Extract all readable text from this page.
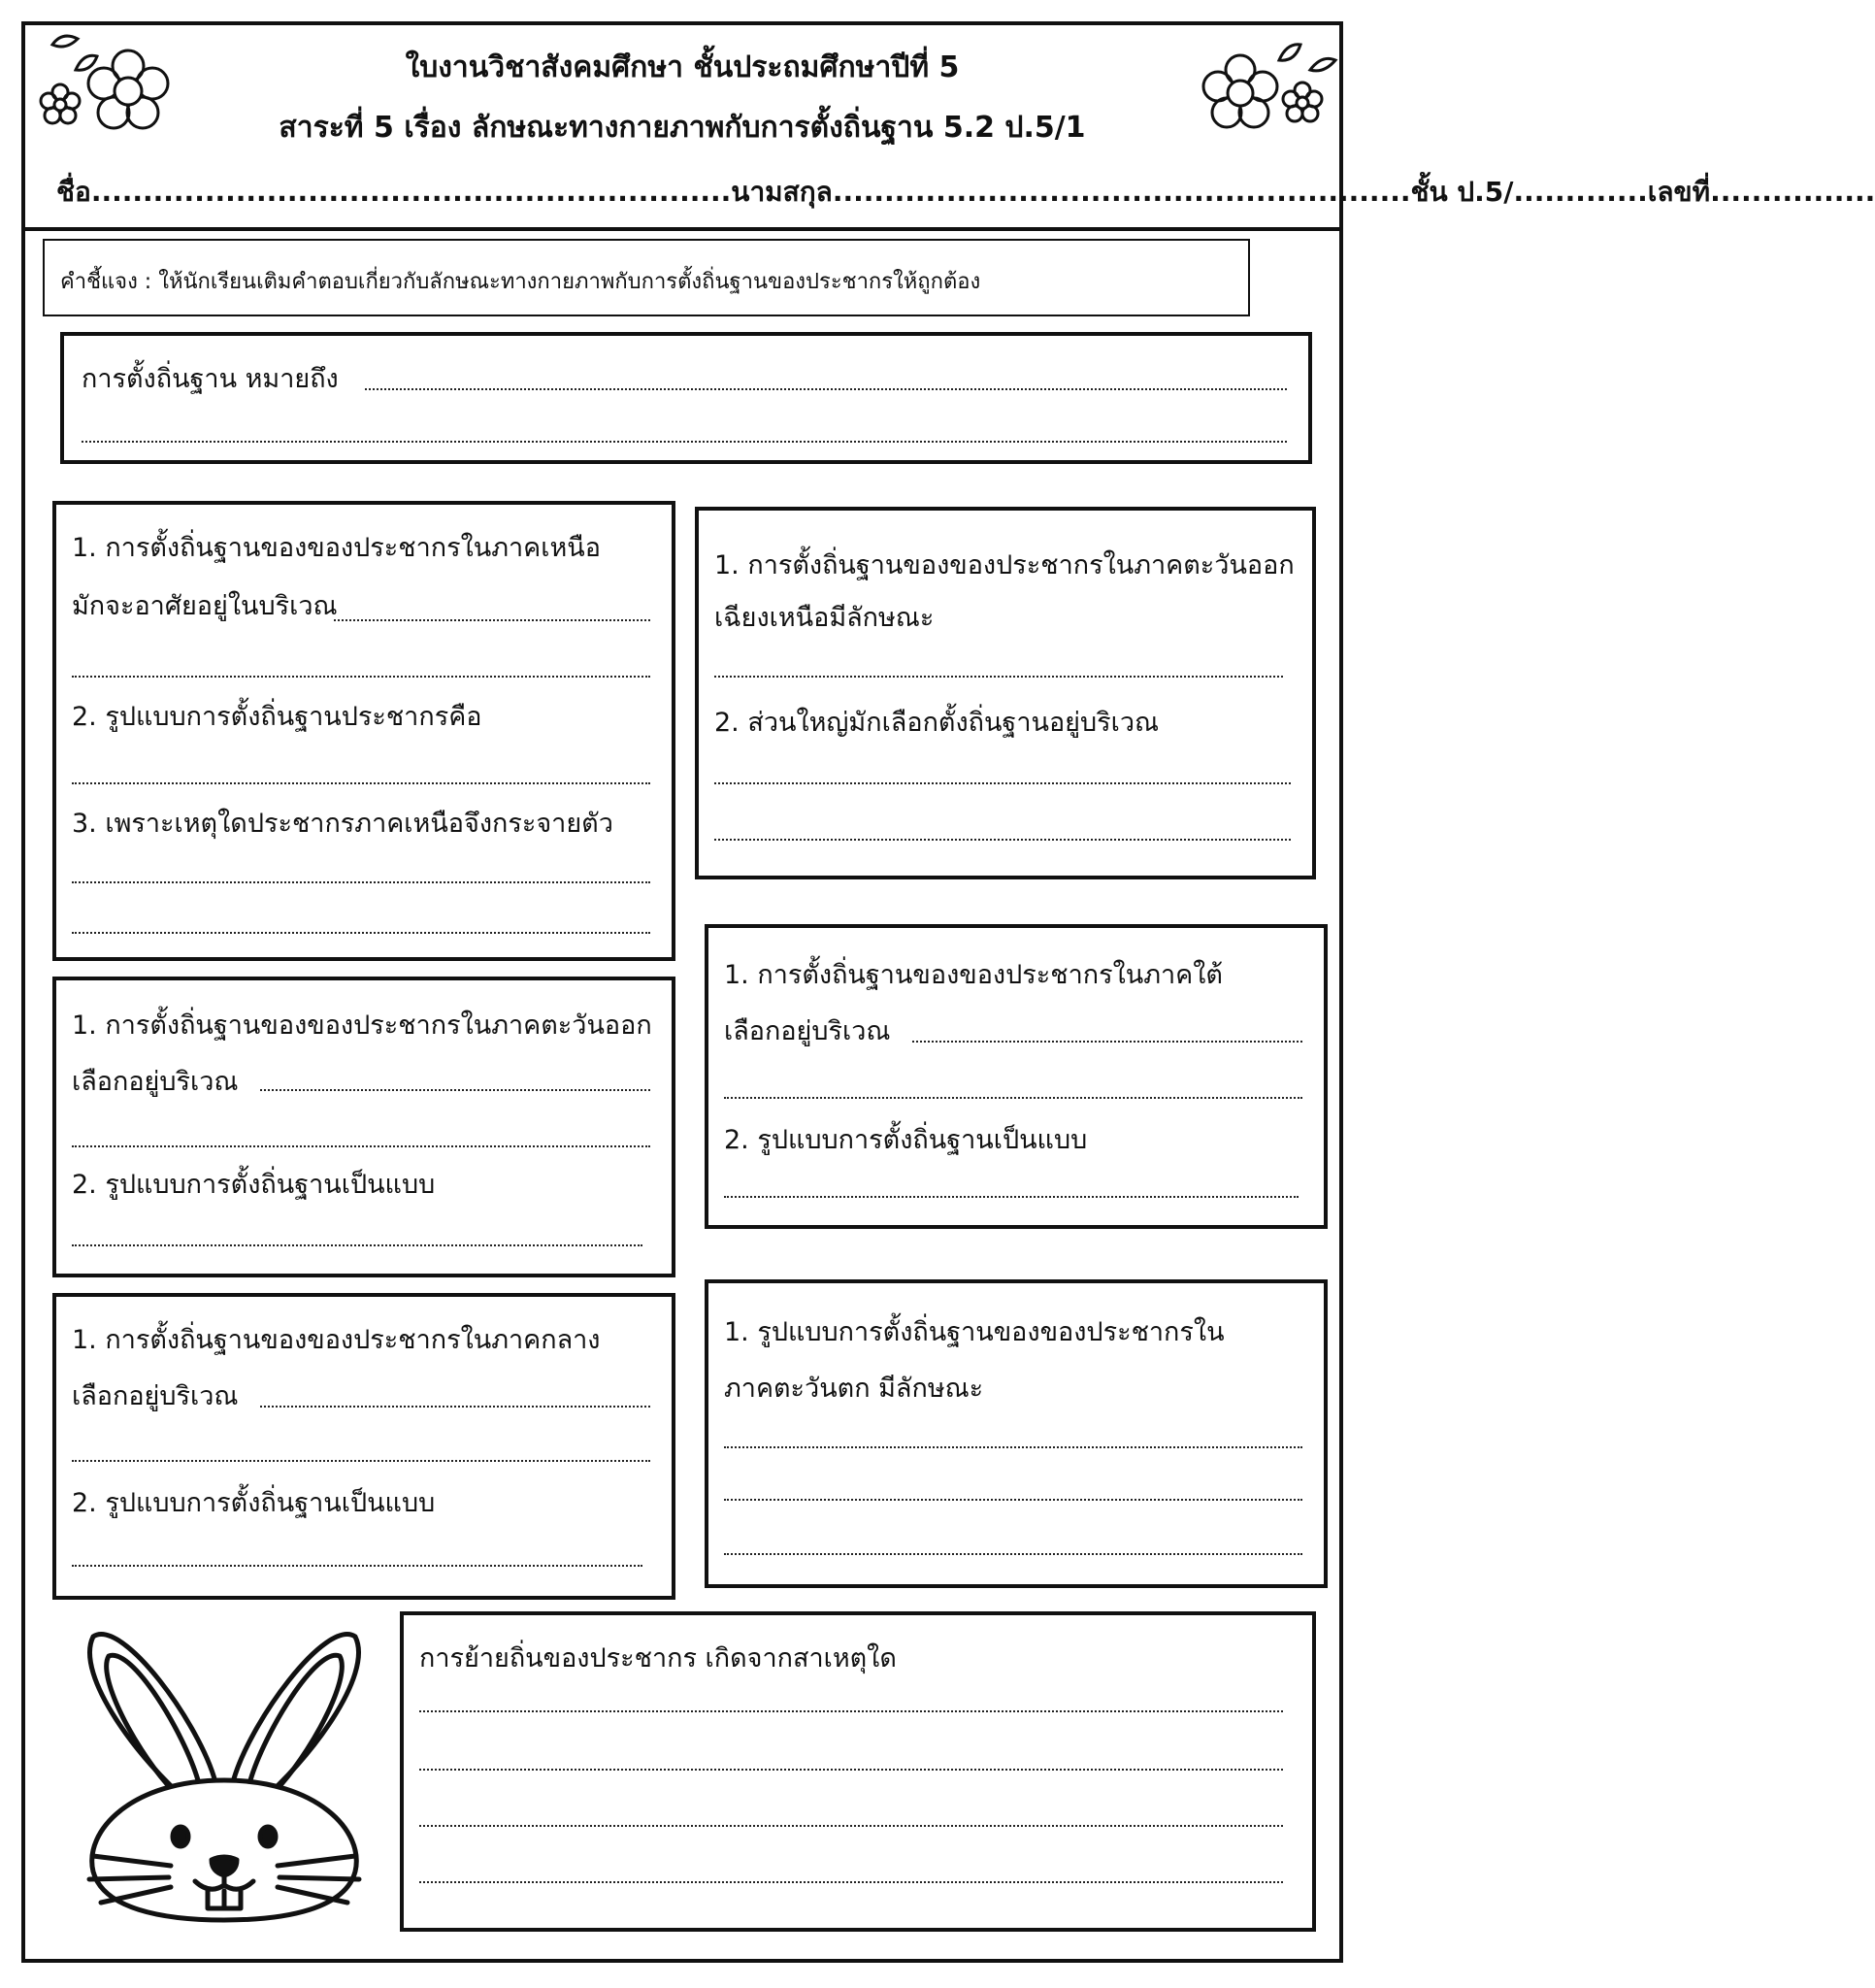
ใบงานวิชาสังคมศึกษา ชั้นประถมศึกษาปีที่ 5
สาระที่ 5 เรื่อง ลักษณะทางกายภาพกับการตั้งถิ่นฐาน 5.2 ป.5/1
ชื่อ..............................................................นามสกุล........................................................ชั้น ป.5/.............เลขที่................
คำชี้แจง : ให้นักเรียนเติมคำตอบเกี่ยวกับลักษณะทางกายภาพกับการตั้งถิ่นฐานของประชากรให้ถูกต้อง
การตั้งถิ่นฐาน หมายถึง
1. การตั้งถิ่นฐานของของประชากรในภาคเหนือ
มักจะอาศัยอยู่ในบริเวณ
2. รูปแบบการตั้งถิ่นฐานประชากรคือ
3. เพราะเหตุใดประชากรภาคเหนือจึงกระจายตัว
1. การตั้งถิ่นฐานของของประชากรในภาคตะวันออก
เฉียงเหนือมีลักษณะ
2. ส่วนใหญ่มักเลือกตั้งถิ่นฐานอยู่บริเวณ
1. การตั้งถิ่นฐานของของประชากรในภาคตะวันออก
เลือกอยู่บริเวณ
2. รูปแบบการตั้งถิ่นฐานเป็นแบบ
1. การตั้งถิ่นฐานของของประชากรในภาคใต้
เลือกอยู่บริเวณ
2. รูปแบบการตั้งถิ่นฐานเป็นแบบ
1. การตั้งถิ่นฐานของของประชากรในภาคกลาง
เลือกอยู่บริเวณ
2. รูปแบบการตั้งถิ่นฐานเป็นแบบ
1. รูปแบบการตั้งถิ่นฐานของของประชากรใน
ภาคตะวันตก มีลักษณะ
การย้ายถิ่นของประชากร เกิดจากสาเหตุใด
